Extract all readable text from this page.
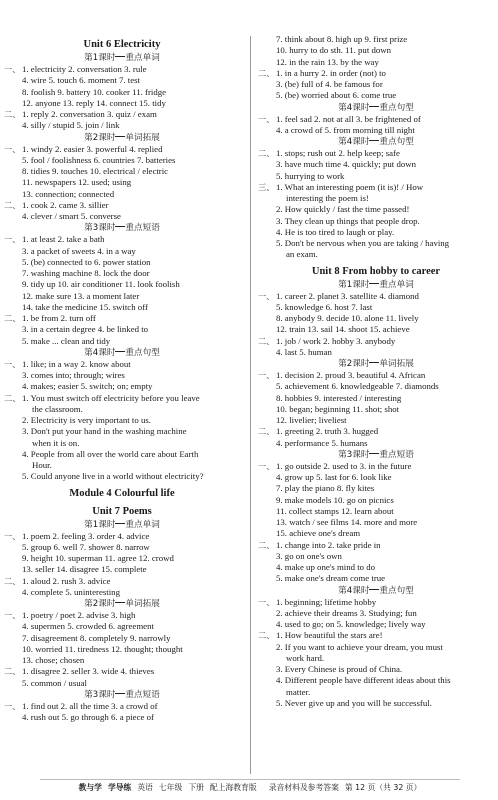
Unit 6 Electricity
第1课时 重点单词
一、 1. electricity 2. conversation 3. rule
4. wire 5. touch 6. moment 7. test
8. foolish 9. battery 10. cooker 11. fridge
12. anyone 13. reply 14. connect 15. tidy
二、 1. reply 2. conversation 3. quiz / exam
4. silly / stupid 5. join / link
第2课时 单词拓展
一、 1. windy 2. easier 3. powerful 4. replied
5. fool / foolishness 6. countries 7. batteries
8. tidies 9. touches 10. electrical / electric
11. newspapers 12. used; using
13. connection; connected
二、 1. cook 2. came 3. sillier
4. clever / smart 5. converse
第3课时 重点短语
一、 1. at least 2. take a bath
3. a packet of sweets 4. in a way
5. (be) connected to 6. power station
7. washing machine 8. lock the door
9. tidy up 10. air conditioner 11. look foolish
12. make sure 13. a moment later
14. take the medicine 15. switch off
二、 1. be from 2. turn off
3. in a certain degree 4. be linked to
5. make ... clean and tidy
第4课时 重点句型
一、 1. like; in a way 2. know about
3. comes into; through; wires
4. makes; easier 5. switch; on; empty
二、 1. You must switch off electricity before you leave
the classroom.
2. Electricity is very important to us.
3. Don't put your hand in the washing machine
when it is on.
4. People from all over the world care about Earth
Hour.
5. Could anyone live in a world without electricity?
Module 4 Colourful life
Unit 7 Poems
第1课时 重点单词
一、 1. poem 2. feeling 3. order 4. advice
5. group 6. well 7. shower 8. narrow
9. height 10. superman 11. agree 12. crowd
13. seller 14. disagree 15. complete
二、 1. aloud 2. rush 3. advice
4. complete 5. uninteresting
第2课时 单词拓展
一、 1. poetry / poet 2. advise 3. high
4. supermen 5. crowded 6. agreement
7. disagreement 8. completely 9. narrowly
10. worried 11. tiredness 12. thought; thought
13. chose; chosen
二、 1. disagree 2. seller 3. wide 4. thieves
5. common / usual
第3课时 重点短语
一、 1. find out 2. all the time 3. a crowd of
4. rush out 5. go through 6. a piece of
7. think about 8. high up 9. first prize
10. hurry to do sth. 11. put down
12. in the rain 13. by the way
二、 1. in a hurry 2. in order (not) to
3. (be) full of 4. be famous for
5. (be) worried about 6. come true
第4课时 重点句型
一、 1. feel sad 2. not at all 3. be frightened of
4. a crowd of 5. from morning till night
第4课时 重点句型
二、 1. stops; rush out 2. help keep; safe
3. have much time 4. quickly; put down
5. hurrying to work
三、 1. What an interesting poem (it is)! / How
interesting the poem is!
2. How quickly / fast the time passed!
3. They clean up things that people drop.
4. He is too tired to laugh or play.
5. Don't be nervous when you are taking / having
an exam.
Unit 8 From hobby to career
第1课时 重点单词
一、 1. career 2. planet 3. satellite 4. diamond
5. knowledge 6. host 7. last
8. anybody 9. decide 10. alone 11. lively
12. train 13. sail 14. shoot 15. achieve
二、 1. job / work 2. hobby 3. anybody
4. last 5. human
第2课时 单词拓展
一、 1. decision 2. proud 3. beautiful 4. African
5. achievement 6. knowledgeable 7. diamonds
8. hobbies 9. interested / interesting
10. began; beginning 11. shot; shot
12. livelier; liveliest
二、 1. greeting 2. truth 3. hugged
4. performance 5. humans
第3课时 重点短语
一、 1. go outside 2. used to 3. in the future
4. grow up 5. last for 6. look like
7. play the piano 8. fly kites
9. make models 10. go on picnics
11. collect stamps 12. learn about
13. watch / see films 14. more and more
15. achieve one's dream
二、 1. change into 2. take pride in
3. go on one's own
4. make up one's mind to do
5. make one's dream come true
第4课时 重点句型
一、 1. beginning; lifetime hobby
2. achieve their dreams 3. Studying; fun
4. used to go; on 5. knowledge; lively way
二、 1. How beautiful the stars are!
2. If you want to achieve your dream, you must
work hard.
3. Every Chinese is proud of China.
4. Different people have different ideas about this
matter.
5. Never give up and you will be successful.
教与学 学导练 英语 七年级 下册 配上海教育版 录音材料及参考答案 第 12 页（共 32 页）
